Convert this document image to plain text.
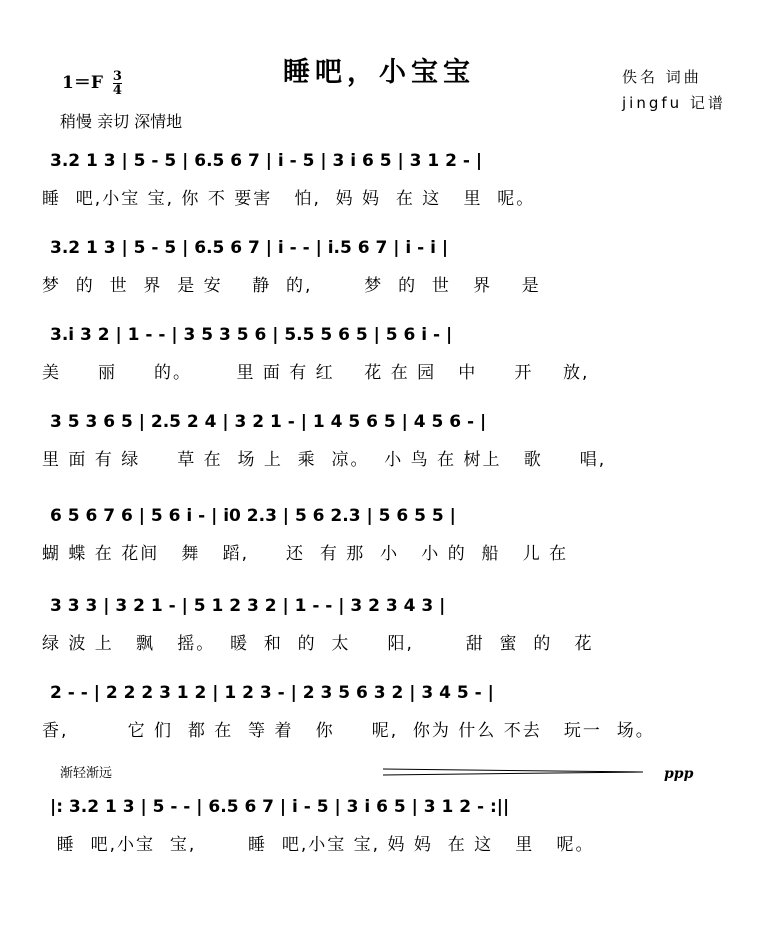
睡吧，小宝宝
$1=F \frac{3}{4}$
稍慢 亲切 深情地
佚名 词曲
jingfu 记谱
3.2 1 3 | 5 - 5 | 6.5 6 7 | i - 5 | 3 i 6 5 | 3 1 2 - |
睡  吧,小宝 宝, 你 不 要害   怕,  妈 妈  在 这   里  呢。
3.2 1 3 | 5 - 5 | 6.5 6 7 | i - - | i.5 6 7 | i - i |
梦  的  世  界  是 安    静  的,       梦  的  世   界    是
3.i 3 2 | 1 - - | 3 5 3 5 6 | 5.5 5 6 5 | 5 6 i - |
美     丽     的。      里 面 有 红    花 在 园   中     开    放,
3 5 3 6 5 | 2.5 2 4 | 3 2 1 - | 1 4 5 6 5 | 4 5 6 - |
里 面 有 绿     草 在  场 上  乘  凉。  小 鸟 在 树上   歌     唱,
6 5 6 7 6 | 5 6 i - | i0 2.3 | 5 6 2.3 | 5 6 5 5 |
蝴 蝶 在 花间   舞   蹈,     还  有 那  小   小 的  船   儿 在
3 3 3 | 3 2 1 - | 5 1 2 3 2 | 1 - - | 3 2 3 4 3 |
绿 波 上   飘   摇。  暖  和  的  太     阳,       甜  蜜  的   花
2 - - | 2 2 2 3 1 2 | 1 2 3 - | 2 3 5 6 3 2 | 3 4 5 - |
香,        它 们  都 在  等 着   你     呢,  你为 什么 不去   玩一  场。
渐轻渐远	ppp
|: 3.2 1 3 | 5 - - | 6.5 6 7 | i - 5 | 3 i 6 5 | 3 1 2 - :||
睡  吧,小宝  宝,       睡  吧,小宝 宝, 妈 妈  在 这   里   呢。
